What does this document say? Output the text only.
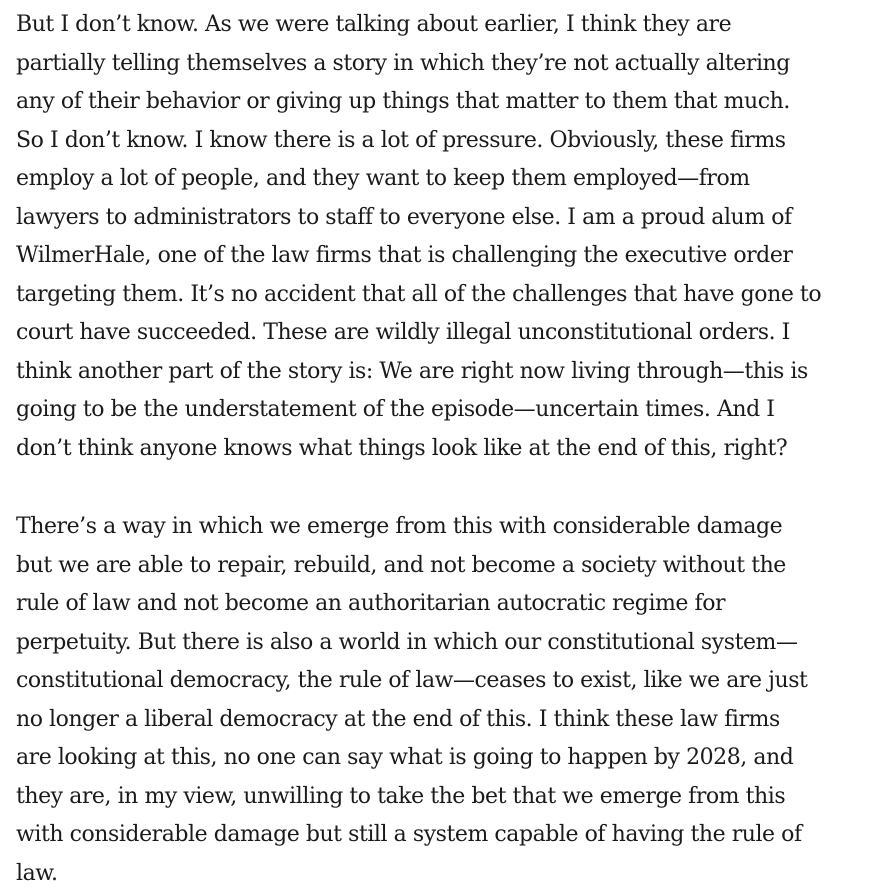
But I don’t know. As we were talking about earlier, I think they are
partially telling themselves a story in which they’re not actually altering
any of their behavior or giving up things that matter to them that much.
So I don’t know. I know there is a lot of pressure. Obviously, these firms
employ a lot of people, and they want to keep them employed—from
lawyers to administrators to staff to everyone else. I am a proud alum of
WilmerHale, one of the law firms that is challenging the executive order
targeting them. It’s no accident that all of the challenges that have gone to
court have succeeded. These are wildly illegal unconstitutional orders. I
think another part of the story is: We are right now living through—this is
going to be the understatement of the episode—uncertain times. And I
don’t think anyone knows what things look like at the end of this, right?

There’s a way in which we emerge from this with considerable damage
but we are able to repair, rebuild, and not become a society without the
rule of law and not become an authoritarian autocratic regime for
perpetuity. But there is also a world in which our constitutional system—
constitutional democracy, the rule of law—ceases to exist, like we are just
no longer a liberal democracy at the end of this. I think these law firms
are looking at this, no one can say what is going to happen by 2028, and
they are, in my view, unwilling to take the bet that we emerge from this
with considerable damage but still a system capable of having the rule of
law.
